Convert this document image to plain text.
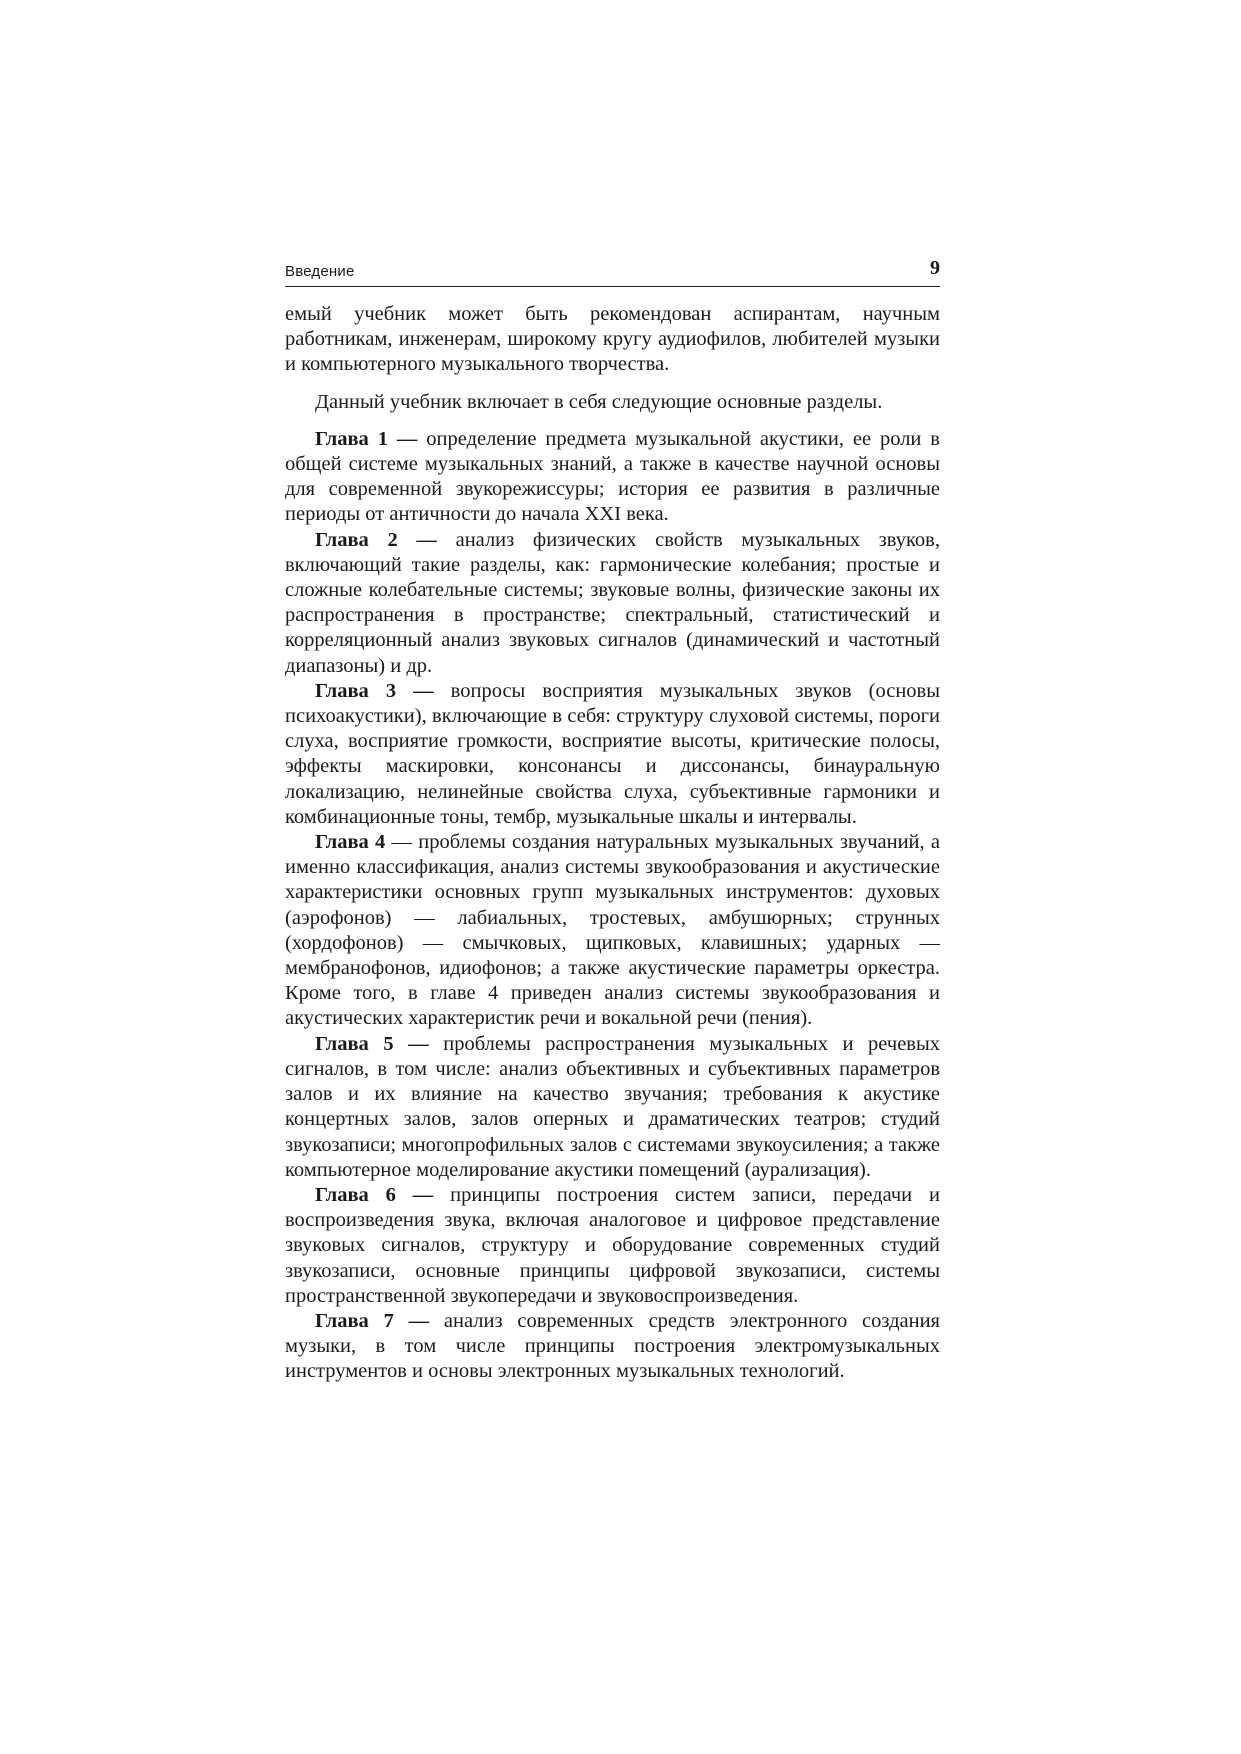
Введение	9

емый учебник может быть рекомендован аспирантам, научным работникам, инженерам, широкому кругу аудиофилов, любителей музыки и компьютерного музыкального творчества.

Данный учебник включает в себя следующие основные разделы.

Глава 1 — определение предмета музыкальной акустики, ее роли в общей системе музыкальных знаний, а также в качестве научной основы для современной звукорежиссуры; история ее развития в различные периоды от античности до начала XXI века.

Глава 2 — анализ физических свойств музыкальных звуков, включающий такие разделы, как: гармонические колебания; простые и сложные колебательные системы; звуковые волны, физические законы их распространения в пространстве; спектральный, статистический и корреляционный анализ звуковых сигналов (динамический и частотный диапазоны) и др.

Глава 3 — вопросы восприятия музыкальных звуков (основы психоакустики), включающие в себя: структуру слуховой системы, пороги слуха, восприятие громкости, восприятие высоты, критические полосы, эффекты маскировки, консонансы и диссонансы, бинауральную локализацию, нелинейные свойства слуха, субъективные гармоники и комбинационные тоны, тембр, музыкальные шкалы и интервалы.

Глава 4 — проблемы создания натуральных музыкальных звучаний, а именно классификация, анализ системы звукообразования и акустические характеристики основных групп музыкальных инструментов: духовых (аэрофонов) — лабиальных, тростевых, амбушюрных; струнных (хордофонов) — смычковых, щипковых, клавишных; ударных — мембранофонов, идиофонов; а также акустические параметры оркестра. Кроме того, в главе 4 приведен анализ системы звукообразования и акустических характеристик речи и вокальной речи (пения).

Глава 5 — проблемы распространения музыкальных и речевых сигналов, в том числе: анализ объективных и субъективных параметров залов и их влияние на качество звучания; требования к акустике концертных залов, залов оперных и драматических театров; студий звукозаписи; многопрофильных залов с системами звукоусиления; а также компьютерное моделирование акустики помещений (аурализация).

Глава 6 — принципы построения систем записи, передачи и воспроизведения звука, включая аналоговое и цифровое представление звуковых сигналов, структуру и оборудование современных студий звукозаписи, основные принципы цифровой звукозаписи, системы пространственной звукопередачи и звуковоспроизведения.

Глава 7 — анализ современных средств электронного создания музыки, в том числе принципы построения электромузыкальных инструментов и основы электронных музыкальных технологий.
